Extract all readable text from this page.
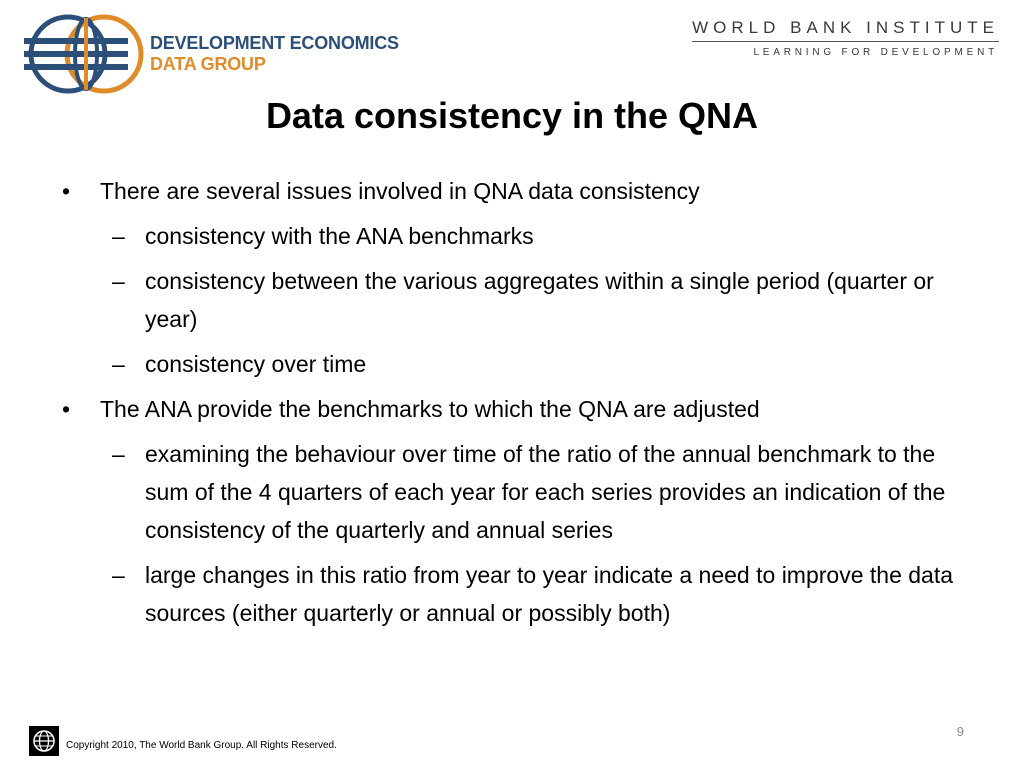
DEVELOPMENT ECONOMICS
DATA GROUP
WORLD BANK INSTITUTE
LEARNING FOR DEVELOPMENT
Data consistency in the QNA
• There are several issues involved in QNA data consistency
– consistency with the ANA benchmarks
– consistency between the various aggregates within a single period (quarter or year)
– consistency over time
• The ANA provide the benchmarks to which the QNA are adjusted
– examining the behaviour over time of the ratio of the annual benchmark to the sum of the 4 quarters of each year for each series provides an indication of the consistency of the quarterly and annual series
– large changes in this ratio from year to year indicate a need to improve the data sources (either quarterly or annual or possibly both)
Copyright 2010, The World Bank Group. All Rights Reserved.
9
